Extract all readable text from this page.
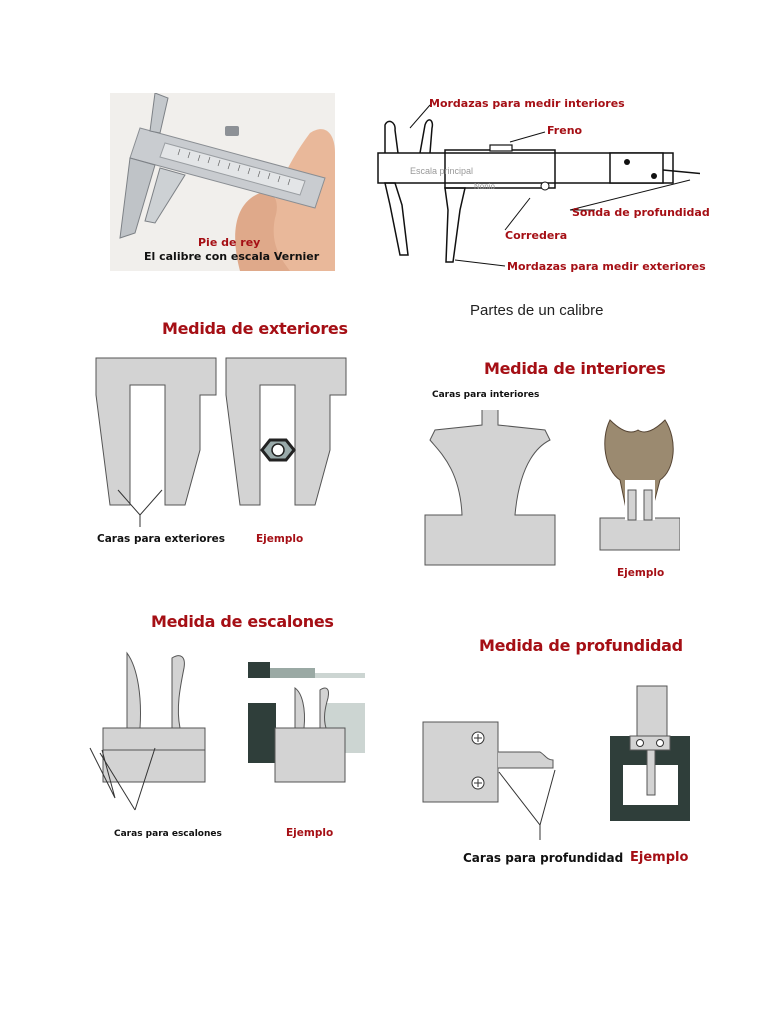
Pie de rey
El calibre con escala Vernier
Mordazas para medir interiores
Freno
Escala principal
Nonio
Sonda de profundidad
Corredera
Mordazas para medir exteriores
Partes de un calibre
Medida de exteriores
Caras para exteriores	Ejemplo
Medida de interiores
Caras para interiores
Ejemplo
Medida de escalones
Caras para escalones	Ejemplo
Medida de profundidad
Caras para profundidad Ejemplo
